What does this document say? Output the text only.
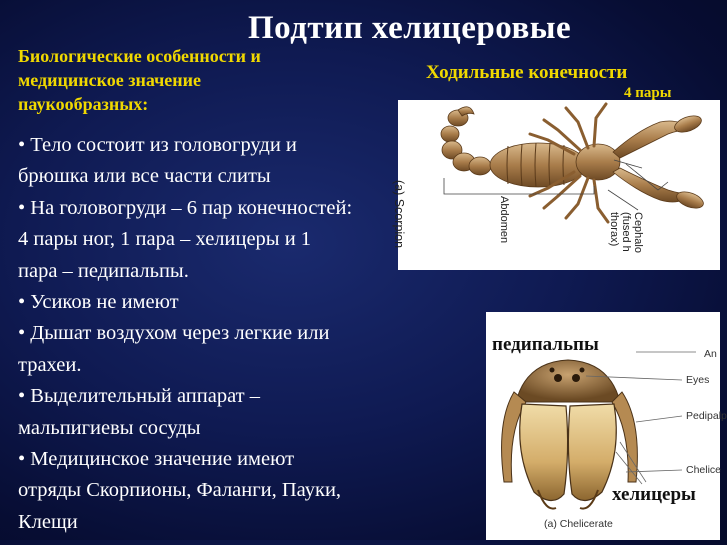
Подтип хелицеровые
Биологические особенности и
медицинское значение
паукообразных:
• Тело состоит из головогруди и
брюшка или все части слиты
• На головогруди – 6 пар конечностей:
4 пары ног, 1 пара – хелицеры и 1
пара – педипальпы.
• Усиков не имеют
• Дышат воздухом через легкие или
трахеи.
• Выделительный аппарат –
мальпигиевы сосуды
• Медицинское значение имеют
отряды Скорпионы, Фаланги, Пауки,
Клещи
(a) Scorpion	Abdomen	Cephalo
(fused h
thorax)
Ходильные конечности
4 пары
An
Eyes
Pedipalp
Chelice
(a) Chelicerate
педипальпы
хелицеры
